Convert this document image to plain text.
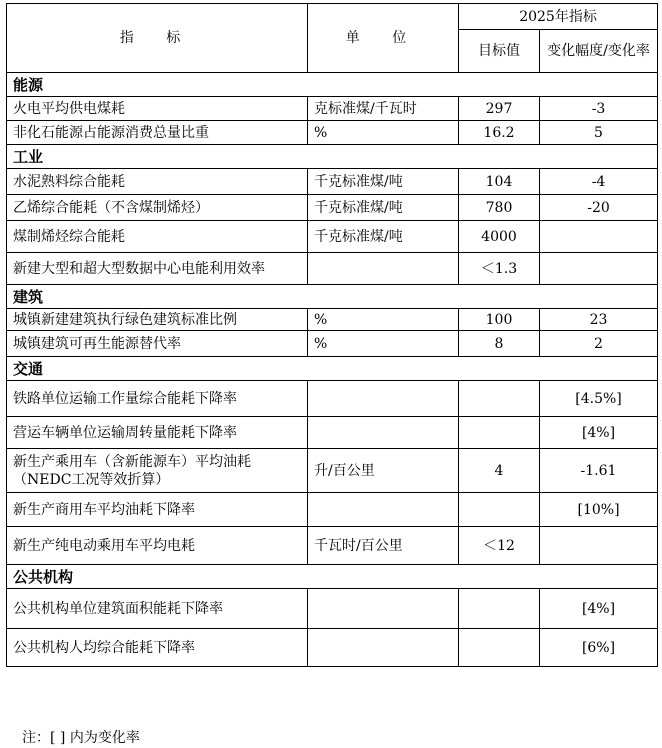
指 标	单 位	2025年指标	
		目标值	变化幅度/变化率
能源			
火电平均供电煤耗	克标准煤/千瓦时	297	-3
非化石能源占能源消费总量比重	%	16.2	5
工业			
水泥熟料综合能耗	千克标准煤/吨	104	-4
乙烯综合能耗（不含煤制烯烃）	千克标准煤/吨	780	-20
煤制烯烃综合能耗	千克标准煤/吨	4000	
新建大型和超大型数据中心电能利用效率		＜1.3	
建筑			
城镇新建建筑执行绿色建筑标准比例	%	100	23
城镇建筑可再生能源替代率	%	8	2
交通			
铁路单位运输工作量综合能耗下降率			[4.5%]
营运车辆单位运输周转量能耗下降率			[4%]
新生产乘用车（含新能源车）平均油耗（NEDC工况等效折算）	升/百公里	4	-1.61
新生产商用车平均油耗下降率			[10%]
新生产纯电动乘用车平均电耗	千瓦时/百公里	＜12	
公共机构			
公共机构单位建筑面积能耗下降率			[4%]
公共机构人均综合能耗下降率			[6%]
注：[ ] 内为变化率
